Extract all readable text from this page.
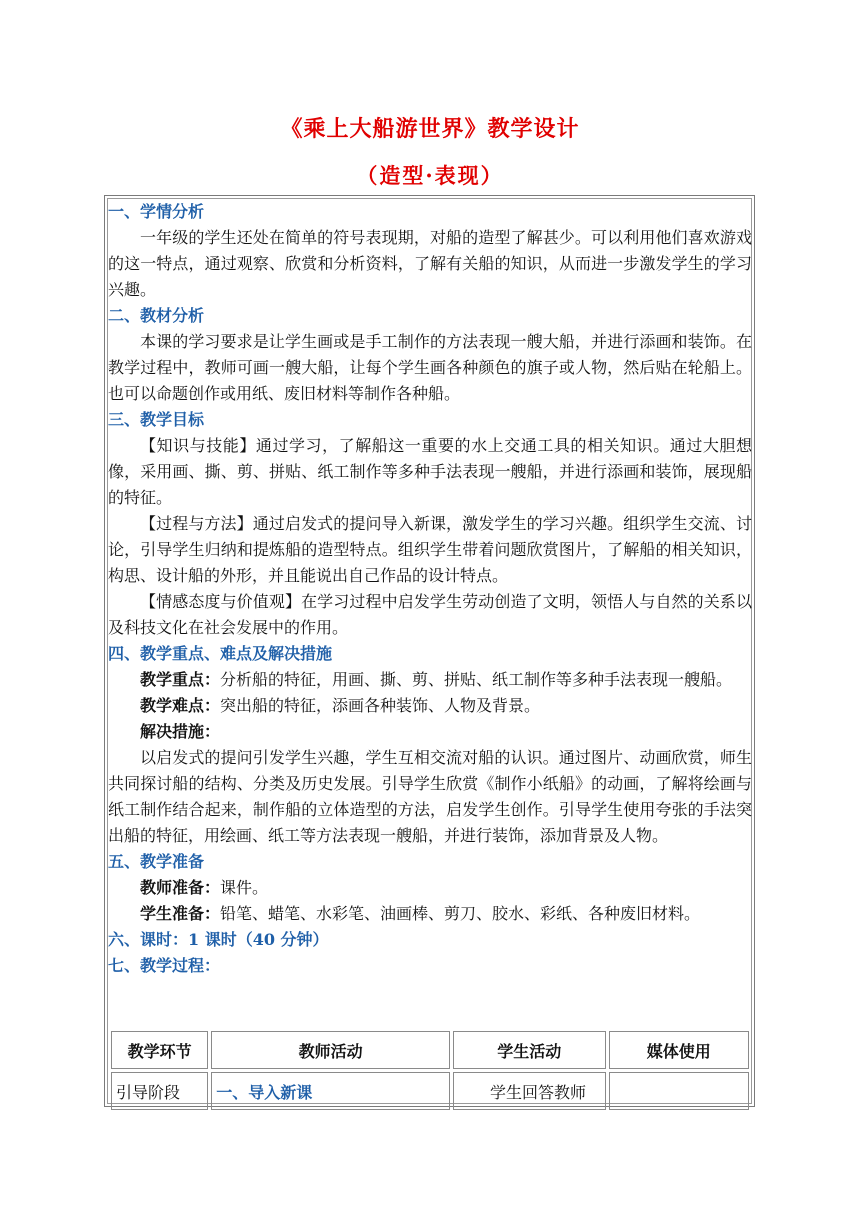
《乘上大船游世界》教学设计
（造型·表现）
一、学情分析

一年级的学生还处在简单的符号表现期，对船的造型了解甚少。可以利用他们喜欢游戏的这一特点，通过观察、欣赏和分析资料，了解有关船的知识，从而进一步激发学生的学习兴趣。

二、教材分析

本课的学习要求是让学生画或是手工制作的方法表现一艘大船，并进行添画和装饰。在教学过程中，教师可画一艘大船，让每个学生画各种颜色的旗子或人物，然后贴在轮船上。也可以命题创作或用纸、废旧材料等制作各种船。

三、教学目标

【知识与技能】通过学习，了解船这一重要的水上交通工具的相关知识。通过大胆想像，采用画、撕、剪、拼贴、纸工制作等多种手法表现一艘船，并进行添画和装饰，展现船的特征。

【过程与方法】通过启发式的提问导入新课，激发学生的学习兴趣。组织学生交流、讨论，引导学生归纳和提炼船的造型特点。组织学生带着问题欣赏图片，了解船的相关知识，构思、设计船的外形，并且能说出自己作品的设计特点。

【情感态度与价值观】在学习过程中启发学生劳动创造了文明，领悟人与自然的关系以及科技文化在社会发展中的作用。

四、教学重点、难点及解决措施

教学重点：分析船的特征，用画、撕、剪、拼贴、纸工制作等多种手法表现一艘船。

教学难点：突出船的特征，添画各种装饰、人物及背景。

解决措施：

以启发式的提问引发学生兴趣，学生互相交流对船的认识。通过图片、动画欣赏，师生共同探讨船的结构、分类及历史发展。引导学生欣赏《制作小纸船》的动画，了解将绘画与纸工制作结合起来，制作船的立体造型的方法，启发学生创作。引导学生使用夸张的手法突出船的特征，用绘画、纸工等方法表现一艘船，并进行装饰，添加背景及人物。

五、教学准备

教师准备：课件。

学生准备：铅笔、蜡笔、水彩笔、油画棒、剪刀、胶水、彩纸、各种废旧材料。

六、课时：1 课时（40 分钟）
七、教学过程：
教学环节	教师活动	学生活动	媒体使用
引导阶段	一、导入新课	学生回答教师	
